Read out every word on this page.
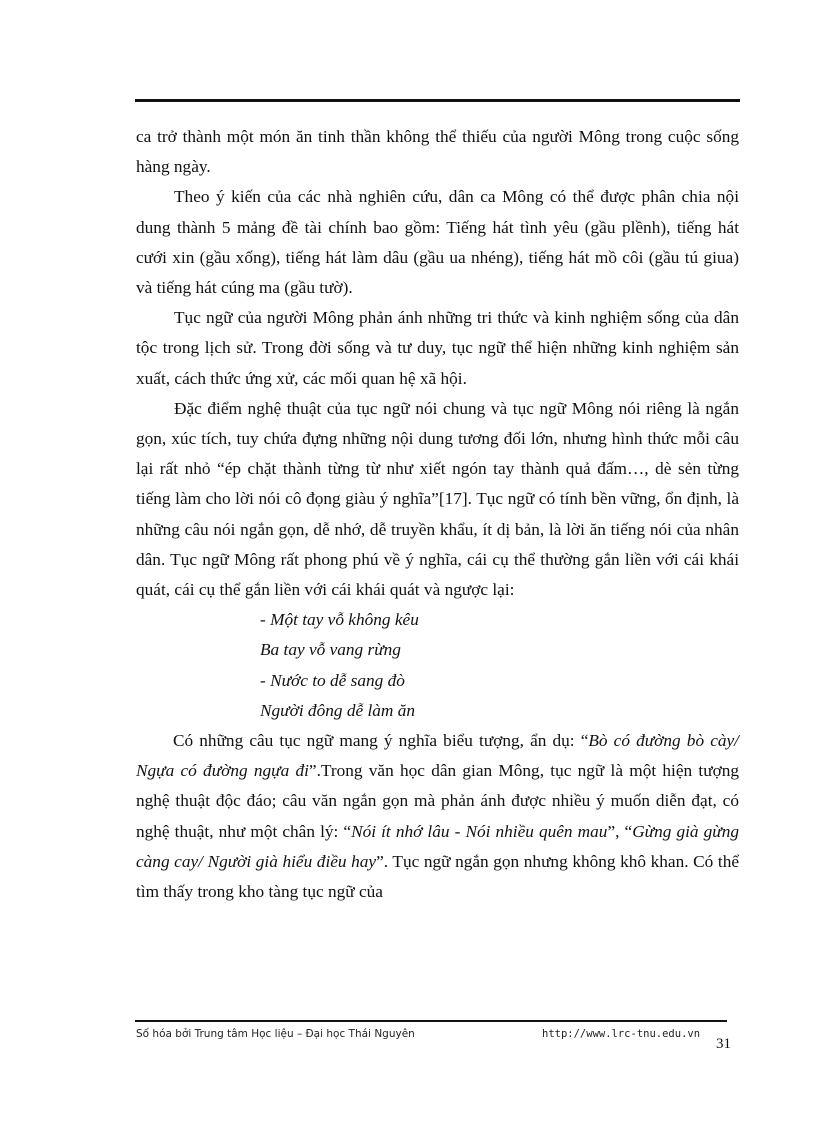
ca trở thành một món ăn tinh thần không thể thiếu của người Mông trong cuộc sống hàng ngày.

Theo ý kiến của các nhà nghiên cứu, dân ca Mông có thể được phân chia nội dung thành 5 mảng đề tài chính bao gồm: Tiếng hát tình yêu (gầu plềnh), tiếng hát cưới xin (gầu xống), tiếng hát làm dâu (gầu ua nhéng), tiếng hát mồ côi (gầu tú giua) và tiếng hát cúng ma (gầu tườ).

Tục ngữ của người Mông phản ánh những tri thức và kinh nghiệm sống của dân tộc trong lịch sử. Trong đời sống và tư duy, tục ngữ thể hiện những kinh nghiệm sản xuất, cách thức ứng xử, các mối quan hệ xã hội.

Đặc điểm nghệ thuật của tục ngữ nói chung và tục ngữ Mông nói riêng là ngắn gọn, xúc tích, tuy chứa đựng những nội dung tương đối lớn, nhưng hình thức mỗi câu lại rất nhỏ “ép chặt thành từng từ như xiết ngón tay thành quả đấm…, dè sẻn từng tiếng làm cho lời nói cô đọng giàu ý nghĩa”[17]. Tục ngữ có tính bền vững, ổn định, là những câu nói ngắn gọn, dễ nhớ, dễ truyền khẩu, ít dị bản, là lời ăn tiếng nói của nhân dân. Tục ngữ Mông rất phong phú về ý nghĩa, cái cụ thể thường gắn liền với cái khái quát, cái cụ thể gắn liền với cái khái quát và ngược lại:

- Một tay vỗ không kêu
Ba tay vỗ vang rừng
- Nước to dễ sang đò
Người đông dễ làm ăn

Có những câu tục ngữ mang ý nghĩa biểu tượng, ẩn dụ: “Bò có đường bò cày/ Ngựa có đường ngựa đi”.Trong văn học dân gian Mông, tục ngữ là một hiện tượng nghệ thuật độc đáo; câu văn ngắn gọn mà phản ánh được nhiều ý muốn diễn đạt, có nghệ thuật, như một chân lý: “Nói ít nhớ lâu - Nói nhiều quên mau”, “Gừng già gừng càng cay/ Người già hiểu điều hay”. Tục ngữ ngắn gọn nhưng không khô khan. Có thể tìm thấy trong kho tàng tục ngữ của

Số hóa bởi Trung tâm Học liệu – Đại học Thái Nguyên	http://www.lrc-tnu.edu.vn
31
